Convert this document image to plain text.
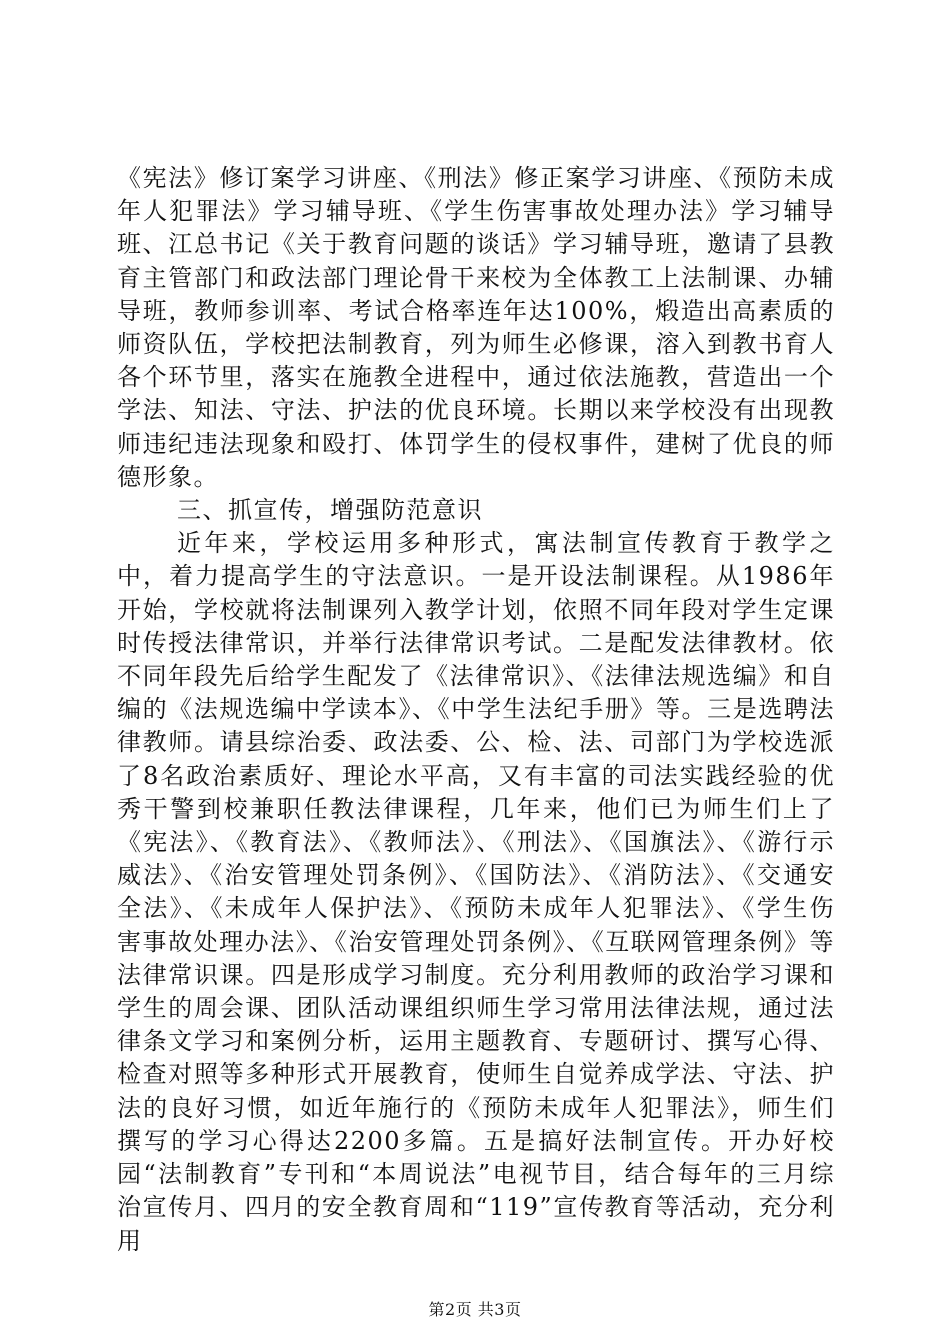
《宪法》修订案学习讲座、《刑法》修正案学习讲座、《预防未成年人犯罪法》学习辅导班、《学生伤害事故处理办法》学习辅导班、江总书记《关于教育问题的谈话》学习辅导班，邀请了县教育主管部门和政法部门理论骨干来校为全体教工上法制课、办辅导班，教师参训率、考试合格率连年达100%，煅造出高素质的师资队伍，学校把法制教育，列为师生必修课，溶入到教书育人各个环节里，落实在施教全进程中，通过依法施教，营造出一个学法、知法、守法、护法的优良环境。长期以来学校没有出现教师违纪违法现象和殴打、体罚学生的侵权事件，建树了优良的师德形象。

三、抓宣传，增强防范意识

近年来，学校运用多种形式，寓法制宣传教育于教学之中，着力提高学生的守法意识。一是开设法制课程。从1986年开始，学校就将法制课列入教学计划，依照不同年段对学生定课时传授法律常识，并举行法律常识考试。二是配发法律教材。依不同年段先后给学生配发了《法律常识》、《法律法规选编》和自编的《法规选编中学读本》、《中学生法纪手册》等。三是选聘法律教师。请县综治委、政法委、公、检、法、司部门为学校选派了8名政治素质好、理论水平高，又有丰富的司法实践经验的优秀干警到校兼职任教法律课程，几年来，他们已为师生们上了《宪法》、《教育法》、《教师法》、《刑法》、《国旗法》、《游行示威法》、《治安管理处罚条例》、《国防法》、《消防法》、《交通安全法》、《未成年人保护法》、《预防未成年人犯罪法》、《学生伤害事故处理办法》、《治安管理处罚条例》、《互联网管理条例》等法律常识课。四是形成学习制度。充分利用教师的政治学习课和学生的周会课、团队活动课组织师生学习常用法律法规，通过法律条文学习和案例分析，运用主题教育、专题研讨、撰写心得、检查对照等多种形式开展教育，使师生自觉养成学法、守法、护法的良好习惯，如近年施行的《预防未成年人犯罪法》，师生们撰写的学习心得达2200多篇。五是搞好法制宣传。开办好校园“法制教育”专刊和“本周说法”电视节目，结合每年的三月综治宣传月、四月的安全教育周和“119”宣传教育等活动，充分利用

第2页 共3页
